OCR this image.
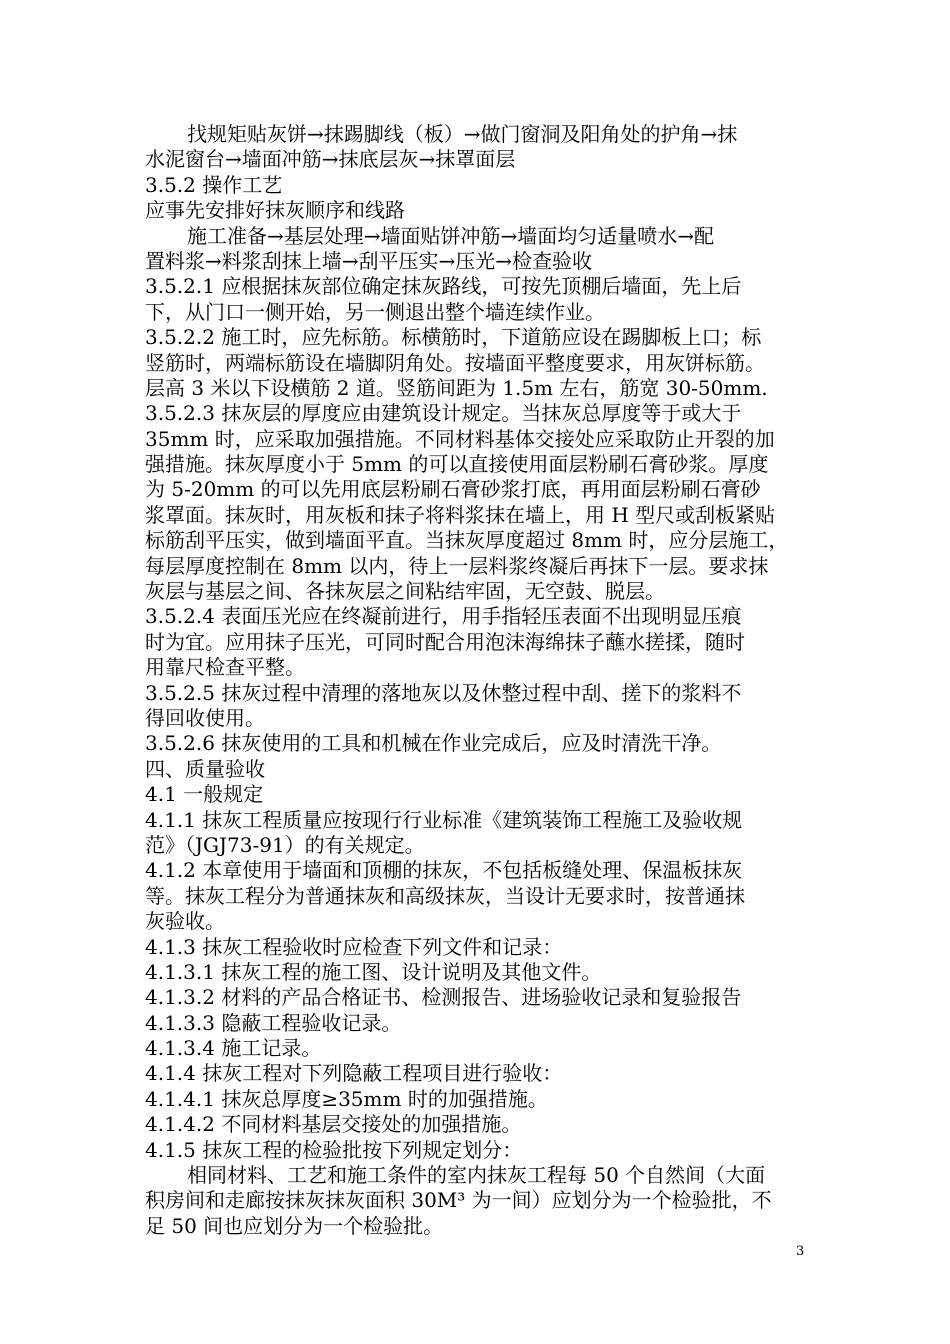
找规矩贴灰饼→抹踢脚线（板）→做门窗洞及阳角处的护角→抹
水泥窗台→墙面冲筋→抹底层灰→抹罩面层
3.5.2 操作工艺
应事先安排好抹灰顺序和线路
施工准备→基层处理→墙面贴饼冲筋→墙面均匀适量喷水→配
置料浆→料浆刮抹上墙→刮平压实→压光→检查验收
3.5.2.1 应根据抹灰部位确定抹灰路线，可按先顶棚后墙面，先上后
下，从门口一侧开始，另一侧退出整个墙连续作业。
3.5.2.2 施工时，应先标筋。标横筋时，下道筋应设在踢脚板上口；标
竖筋时，两端标筋设在墙脚阴角处。按墙面平整度要求，用灰饼标筋。
层高 3 米以下设横筋 2 道。竖筋间距为 1.5m 左右，筋宽 30-50mm.
3.5.2.3 抹灰层的厚度应由建筑设计规定。当抹灰总厚度等于或大于
35mm 时，应采取加强措施。不同材料基体交接处应采取防止开裂的加
强措施。抹灰厚度小于 5mm 的可以直接使用面层粉刷石膏砂浆。厚度
为 5-20mm 的可以先用底层粉刷石膏砂浆打底，再用面层粉刷石膏砂
浆罩面。抹灰时，用灰板和抹子将料浆抹在墙上，用 H 型尺或刮板紧贴
标筋刮平压实，做到墙面平直。当抹灰厚度超过 8mm 时，应分层施工，
每层厚度控制在 8mm 以内，待上一层料浆终凝后再抹下一层。要求抹
灰层与基层之间、各抹灰层之间粘结牢固，无空鼓、脱层。
3.5.2.4 表面压光应在终凝前进行，用手指轻压表面不出现明显压痕
时为宜。应用抹子压光，可同时配合用泡沫海绵抹子蘸水搓揉，随时
用靠尺检查平整。
3.5.2.5 抹灰过程中清理的落地灰以及休整过程中刮、搓下的浆料不
得回收使用。
3.5.2.6 抹灰使用的工具和机械在作业完成后，应及时清洗干净。
四、质量验收
4.1 一般规定
4.1.1 抹灰工程质量应按现行行业标准《建筑装饰工程施工及验收规
范》（JGJ73-91）的有关规定。
4.1.2 本章使用于墙面和顶棚的抹灰，不包括板缝处理、保温板抹灰
等。抹灰工程分为普通抹灰和高级抹灰，当设计无要求时，按普通抹
灰验收。
4.1.3 抹灰工程验收时应检查下列文件和记录：
4.1.3.1 抹灰工程的施工图、设计说明及其他文件。
4.1.3.2 材料的产品合格证书、检测报告、进场验收记录和复验报告
4.1.3.3 隐蔽工程验收记录。
4.1.3.4 施工记录。
4.1.4 抹灰工程对下列隐蔽工程项目进行验收：
4.1.4.1 抹灰总厚度≥35mm 时的加强措施。
4.1.4.2 不同材料基层交接处的加强措施。
4.1.5 抹灰工程的检验批按下列规定划分：
相同材料、工艺和施工条件的室内抹灰工程每 50 个自然间（大面
积房间和走廊按抹灰抹灰面积 30M³ 为一间）应划分为一个检验批，不
足 50 间也应划分为一个检验批。
3
